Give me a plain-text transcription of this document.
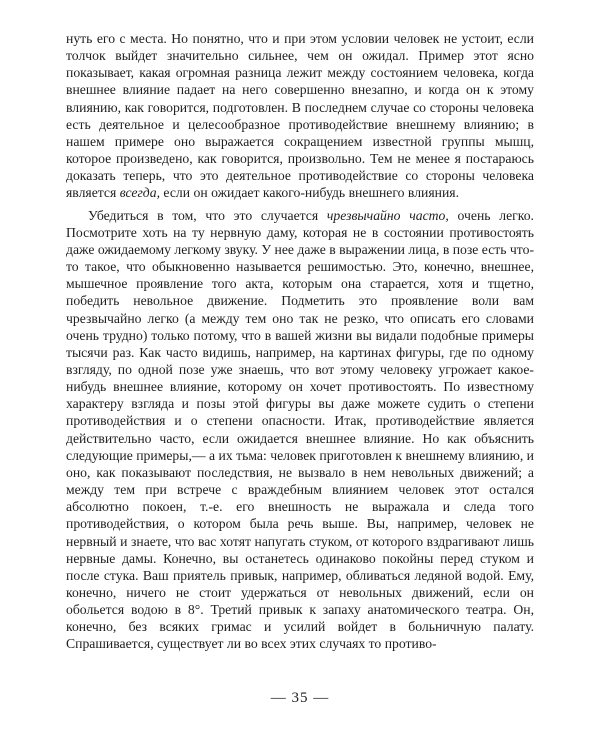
нуть его с места. Но понятно, что и при этом условии человек не устоит, если толчок выйдет значительно сильнее, чем он ожидал. Пример этот ясно показывает, какая огромная разница лежит между состоянием человека, когда внешнее влияние падает на него совершенно внезапно, и когда он к этому влиянию, как говорится, подготовлен. В последнем случае со стороны человека есть деятельное и целесообразное противодействие внешнему влиянию; в нашем примере оно выражается сокращением известной группы мышц, которое произведено, как говорится, произвольно. Тем не менее я постараюсь доказать теперь, что это деятельное противодействие со стороны человека является всегда, если он ожидает какого-нибудь внешнего влияния.

Убедиться в том, что это случается чрезвычайно часто, очень легко. Посмотрите хоть на ту нервную даму, которая не в состоянии противостоять даже ожидаемому легкому звуку. У нее даже в выражении лица, в позе есть что-то такое, что обыкновенно называется решимостью. Это, конечно, внешнее, мышечное проявление того акта, которым она старается, хотя и тщетно, победить невольное движение. Подметить это проявление воли вам чрезвычайно легко (а между тем оно так не резко, что описать его словами очень трудно) только потому, что в вашей жизни вы видали подобные примеры тысячи раз. Как часто видишь, например, на картинах фигуры, где по одному взгляду, по одной позе уже знаешь, что вот этому человеку угрожает какое-нибудь внешнее влияние, которому он хочет противостоять. По известному характеру взгляда и позы этой фигуры вы даже можете судить о степени противодействия и о степени опасности. Итак, противодействие является действительно часто, если ожидается внешнее влияние. Но как объяснить следующие примеры,— а их тьма: человек приготовлен к внешнему влиянию, и оно, как показывают последствия, не вызвало в нем невольных движений; а между тем при встрече с враждебным влиянием человек этот остался абсолютно покоен, т.-е. его внешность не выражала и следа того противодействия, о котором была речь выше. Вы, например, человек не нервный и знаете, что вас хотят напугать стуком, от которого вздрагивают лишь нервные дамы. Конечно, вы останетесь одинаково покойны перед стуком и после стука. Ваш приятель привык, например, обливаться ледяной водой. Ему, конечно, ничего не стоит удержаться от невольных движений, если он обольется водою в 8°. Третий привык к запаху анатомического театра. Он, конечно, без всяких гримас и усилий войдет в больничную палату. Спрашивается, существует ли во всех этих случаях то противо-

— 35 —
